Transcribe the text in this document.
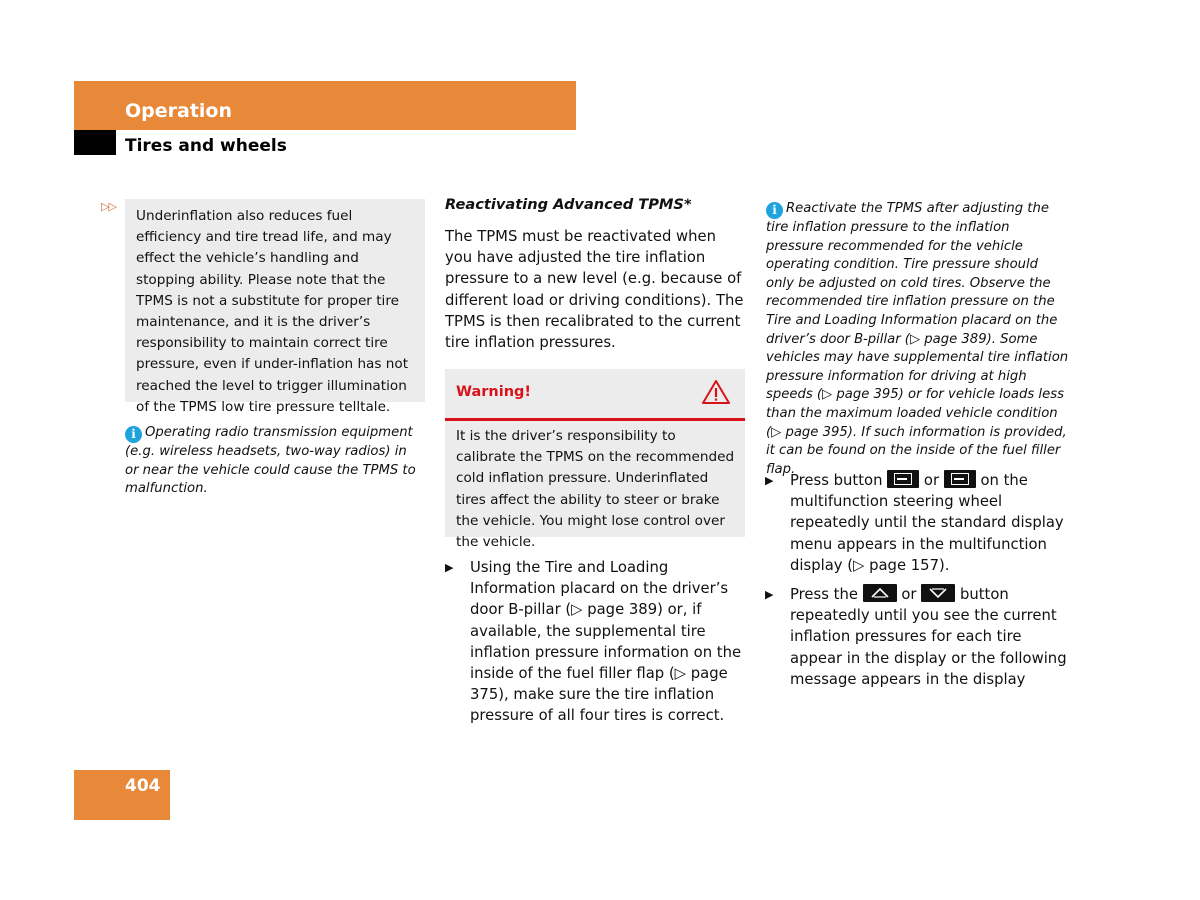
Operation
Tires and wheels
▷▷

Underinflation also reduces fuel efficiency and tire tread life, and may effect the vehicle’s handling and stopping ability. Please note that the TPMS is not a substitute for proper tire maintenance, and it is the driver’s responsibility to maintain correct tire pressure, even if under-inflation has not reached the level to trigger illumination of the TPMS low tire pressure telltale.

i Operating radio transmission equipment (e.g. wireless headsets, two-way radios) in or near the vehicle could cause the TPMS to malfunction.
Reactivating Advanced TPMS*
The TPMS must be reactivated when you have adjusted the tire inflation pressure to a new level (e.g. because of different load or driving conditions). The TPMS is then recalibrated to the current tire inflation pressures.
Warning!

It is the driver’s responsibility to calibrate the TPMS on the recommended cold inflation pressure. Underinflated tires affect the ability to steer or brake the vehicle. You might lose control over the vehicle.

▶ Using the Tire and Loading Information placard on the driver’s door B-pillar (▷ page 389) or, if available, the supplemental tire inflation pressure information on the inside of the fuel filler flap (▷ page 375), make sure the tire inflation pressure of all four tires is correct.
i Reactivate the TPMS after adjusting the tire inflation pressure to the inflation pressure recommended for the vehicle operating condition. Tire pressure should only be adjusted on cold tires. Observe the recommended tire inflation pressure on the Tire and Loading Information placard on the driver’s door B-pillar (▷ page 389). Some vehicles may have supplemental tire inflation pressure information for driving at high speeds (▷ page 395) or for vehicle loads less than the maximum loaded vehicle condition (▷ page 395). If such information is provided, it can be found on the inside of the fuel filler flap.
▶ Press button	or	on the multifunction steering wheel repeatedly until the standard display menu appears in the multifunction display (▷ page 157).
▶ Press the	or	button repeatedly until you see the current inflation pressures for each tire appear in the display or the following message appears in the display
404
